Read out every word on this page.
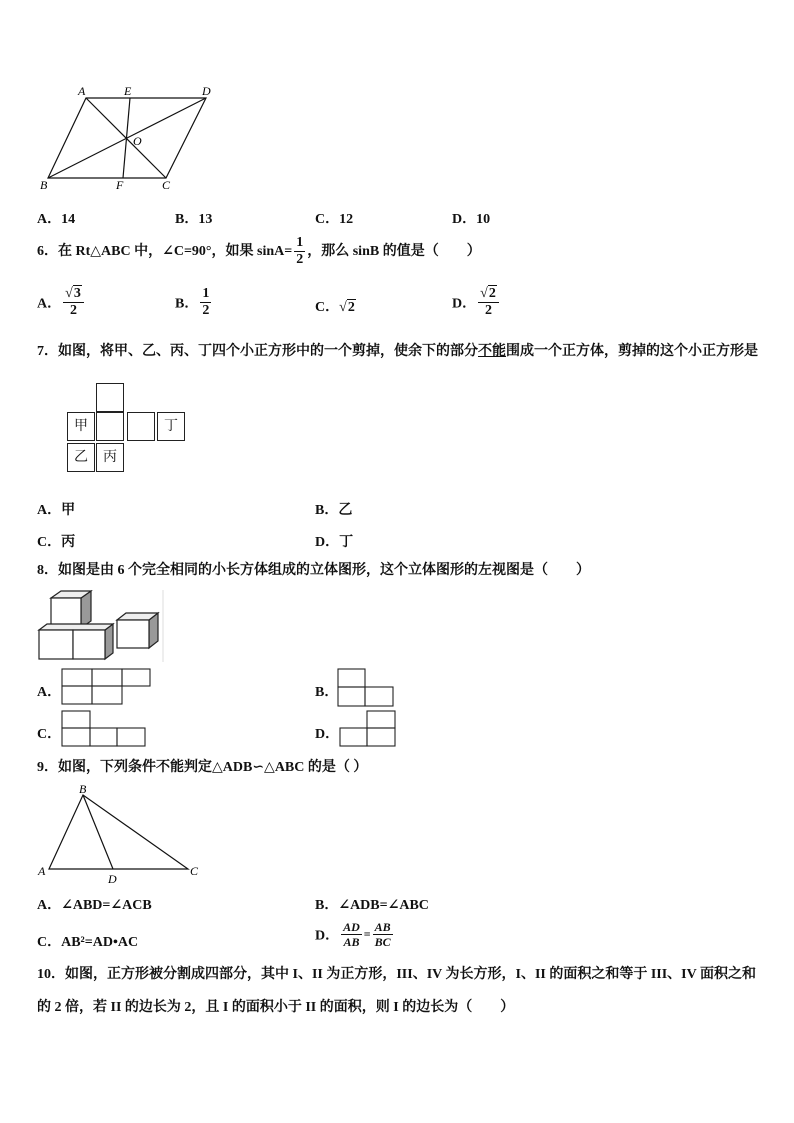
A	E	D
O
B	F	C
A．14	B．13	C．12	D．10
6．在 Rt△ABC 中，∠C=90°，如果 $\sin A= \frac{1}{2}$ ，那么 sinB 的值是（　　）
A． $\frac{√3}{2}$	B． $\frac{1}{2}$	C．√2	D． $\frac{√2}{2}$
7．如图，将甲、乙、丙、丁四个小正方形中的一个剪掉，使余下的部分不能围成一个正方体，剪掉的这个小正方形是
甲	丁
乙	丙
A．甲	B．乙
C．丙	D．丁
8．如图是由 6 个完全相同的小长方体组成的立体图形，这个立体图形的左视图是（　　）
A．	B．
C．	D．
9．如图，下列条件不能判定△ADB∽△ABC 的是（ ）
B
A
D
C
A．∠ABD=∠ACB	B．∠ADB=∠ABC
C．AB²=AD•AC	D． $\frac{AD}{AB} = \frac{AB}{BC}$
10．如图，正方形被分割成四部分，其中 I、II 为正方形，III、IV 为长方形，I、II 的面积之和等于 III、IV 面积之和
的 2 倍，若 II 的边长为 2，且 I 的面积小于 II 的面积，则 I 的边长为（　　）
